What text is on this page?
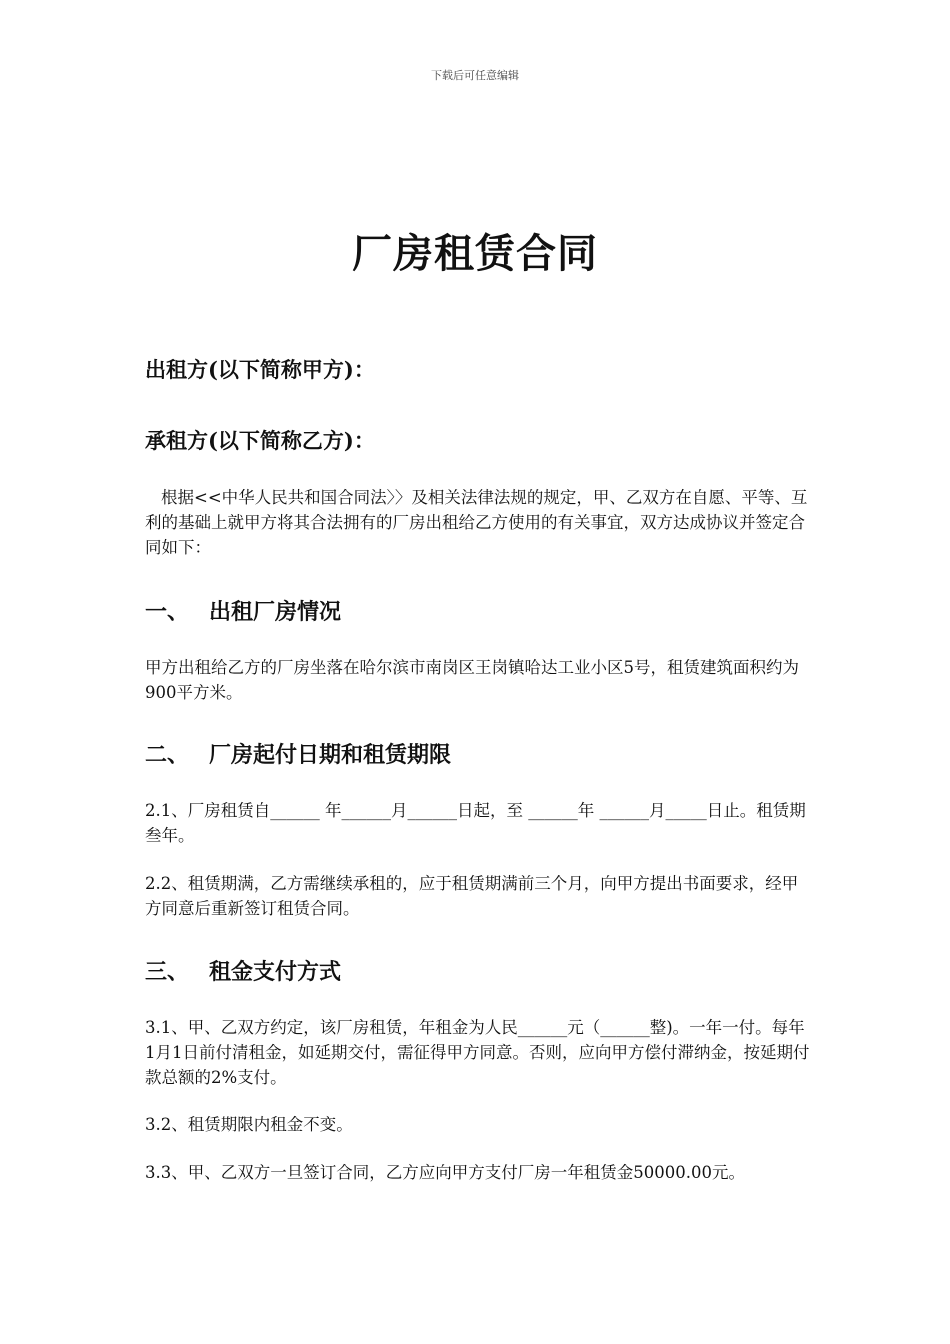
下载后可任意编辑
厂房租赁合同
出租方(以下简称甲方)：
承租方(以下简称乙方)：
根据<<中华人民共和国合同法〉〉及相关法律法规的规定，甲、乙双方在自愿、平等、互利的基础上就甲方将其合法拥有的厂房出租给乙方使用的有关事宜，双方达成协议并签定合同如下：
一、 出租厂房情况
甲方出租给乙方的厂房坐落在哈尔滨市南岗区王岗镇哈达工业小区5号，租赁建筑面积约为900平方米。
二、 厂房起付日期和租赁期限
2.1、厂房租赁自______ 年______月______日起，至 ______年 ______月_____日止。租赁期叁年。
2.2、租赁期满，乙方需继续承租的，应于租赁期满前三个月，向甲方提出书面要求，经甲方同意后重新签订租赁合同。
三、 租金支付方式
3.1、甲、乙双方约定，该厂房租赁，年租金为人民______元（______整)。一年一付。每年1月1日前付清租金，如延期交付，需征得甲方同意。否则，应向甲方偿付滞纳金，按延期付款总额的2%支付。
3.2、租赁期限内租金不变。
3.3、甲、乙双方一旦签订合同，乙方应向甲方支付厂房一年租赁金50000.00元。
